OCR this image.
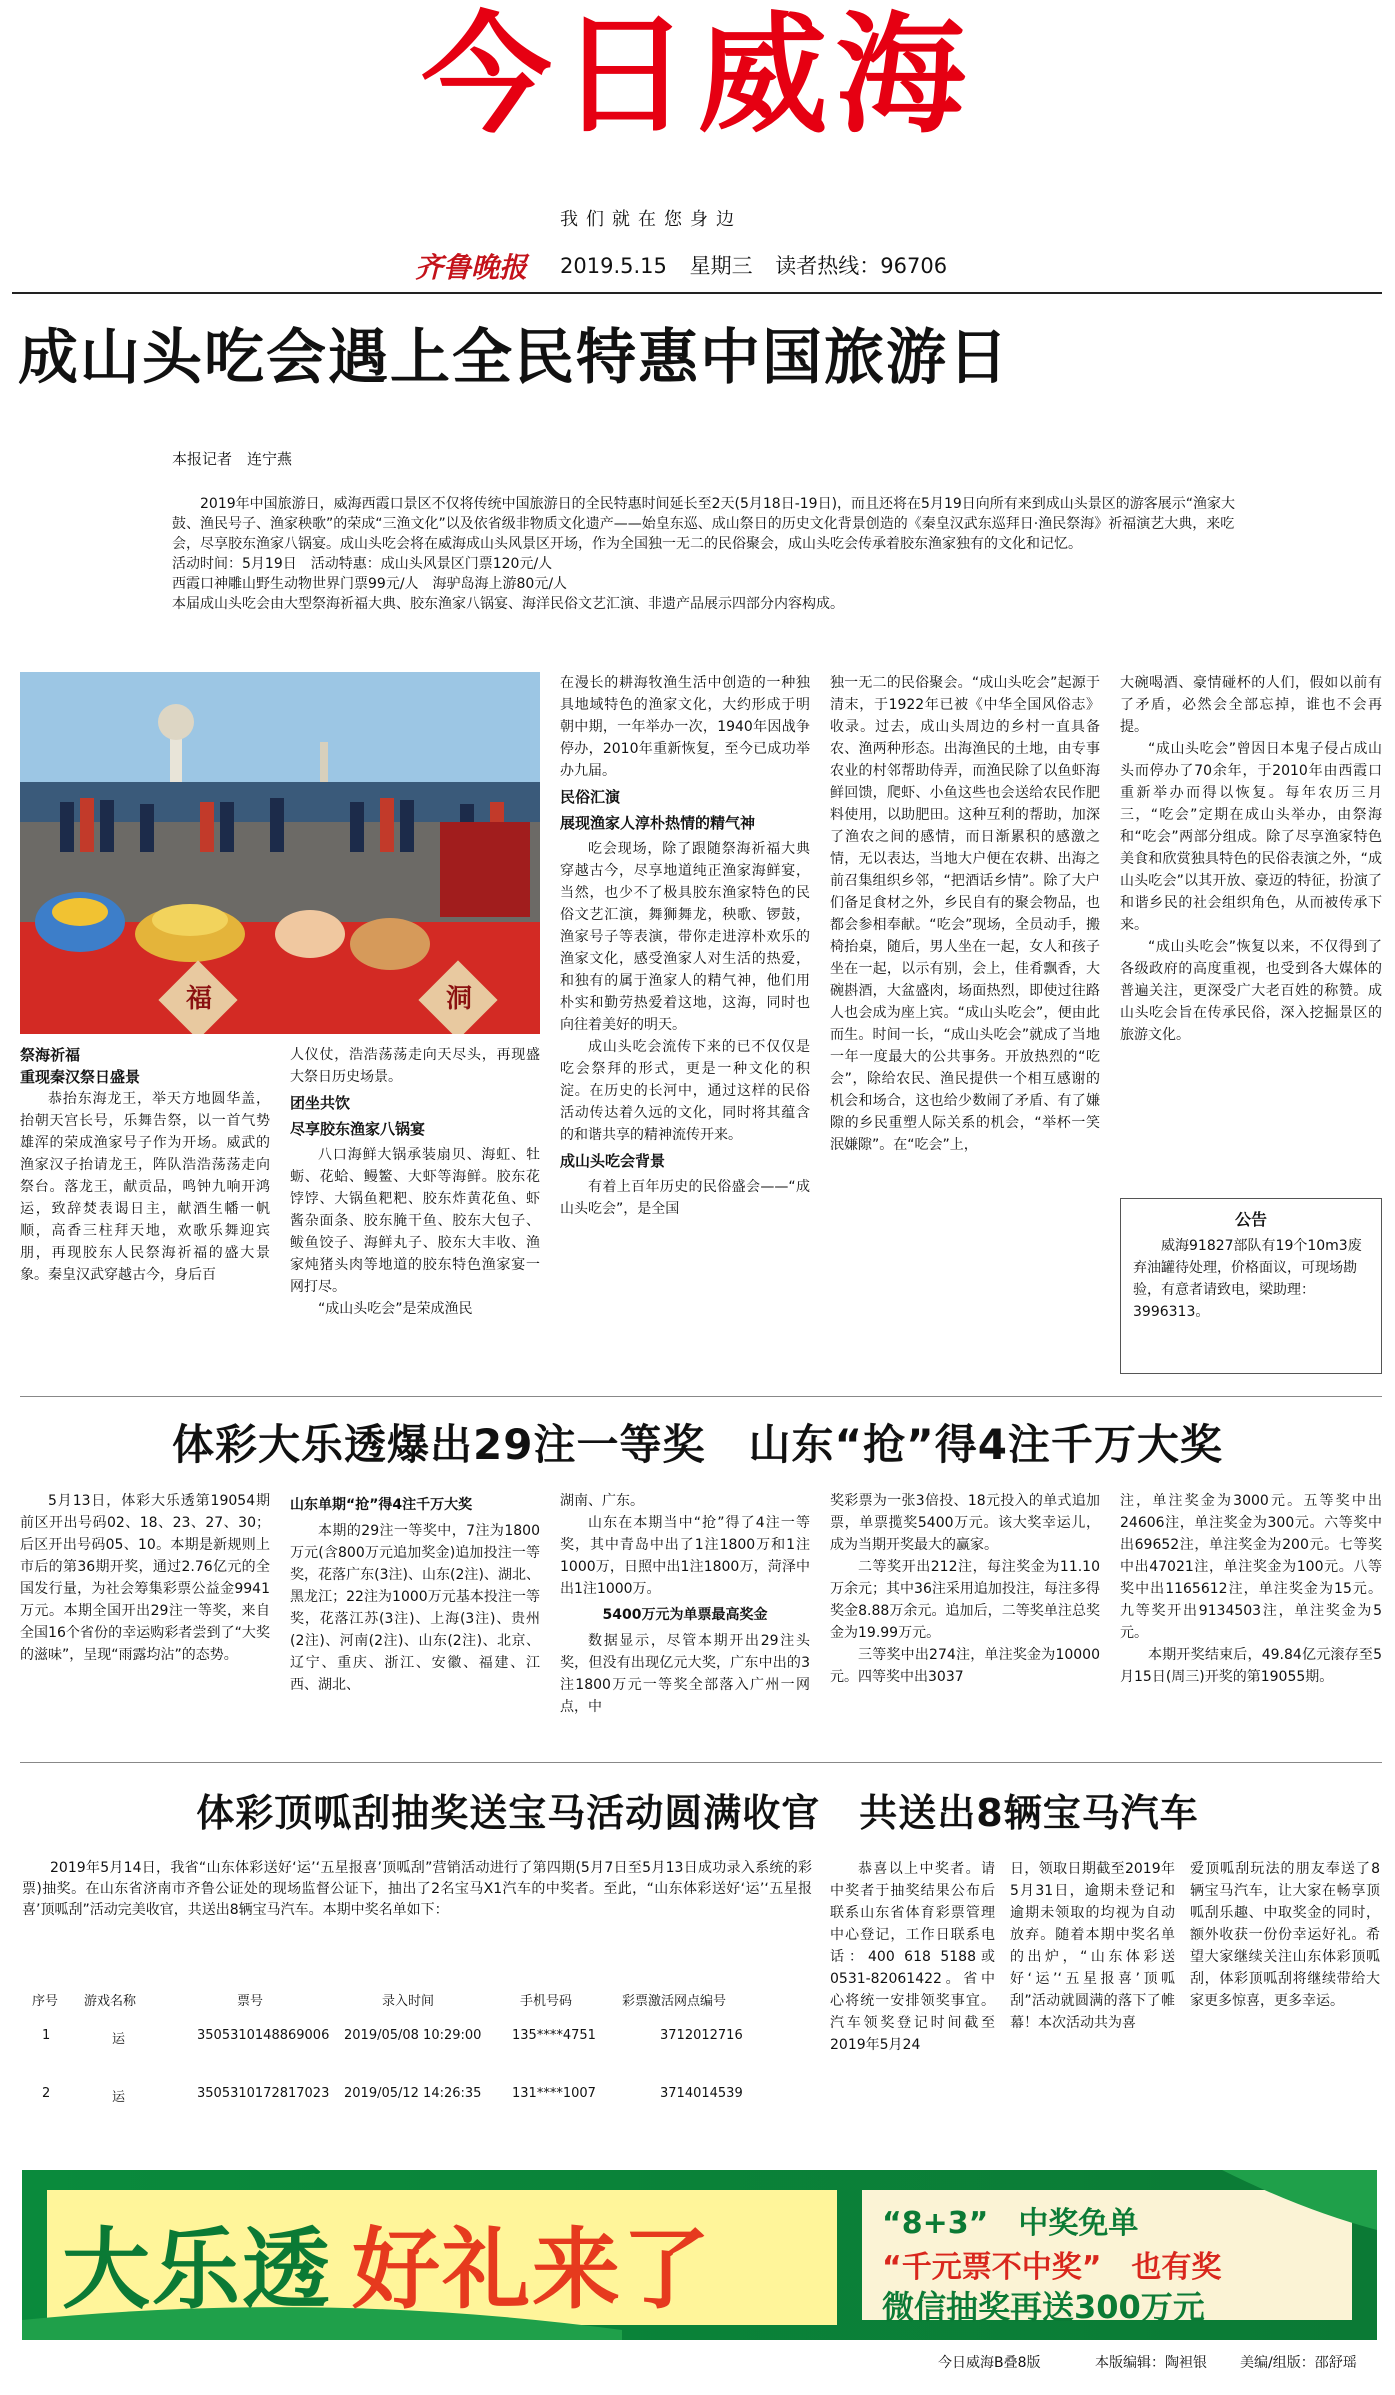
今日威海
我们就在您身边
齐鲁晚报 2019.5.15 星期三 读者热线：96706
成山头吃会遇上全民特惠中国旅游日
本报记者　连宁燕

2019年中国旅游日，威海西霞口景区不仅将传统中国旅游日的全民特惠时间延长至2天(5月18日-19日)，而且还将在5月19日向所有来到成山头景区的游客展示“渔家大鼓、渔民号子、渔家秧歌”的荣成“三渔文化”以及依省级非物质文化遗产——始皇东巡、成山祭日的历史文化背景创造的《秦皇汉武东巡拜日·渔民祭海》祈福演艺大典，来吃会，尽享胶东渔家八锅宴。成山头吃会将在威海成山头风景区开场，作为全国独一无二的民俗聚会，成山头吃会传承着胶东渔家独有的文化和记忆。

活动时间：5月19日　活动特惠：成山头风景区门票120元/人

西霞口神雕山野生动物世界门票99元/人　海驴岛海上游80元/人

本届成山头吃会由大型祭海祈福大典、胶东渔家八锅宴、海洋民俗文艺汇演、非遗产品展示四部分内容构成。

福	洞
祭海祈福
重现秦汉祭日盛景

恭抬东海龙王，举天方地圆华盖，抬朝天宫长号，乐舞告祭，以一首气势雄浑的荣成渔家号子作为开场。威武的渔家汉子抬请龙王，阵队浩浩荡荡走向祭台。落龙王，献贡品，鸣钟九响开鸿运，致辞焚表谒日主，献酒生幡一帆顺，高香三柱拜天地，欢歌乐舞迎宾朋，再现胶东人民祭海祈福的盛大景象。秦皇汉武穿越古今，身后百

人仪仗，浩浩荡荡走向天尽头，再现盛大祭日历史场景。

团坐共饮
尽享胶东渔家八锅宴

八口海鲜大锅承装扇贝、海虹、牡蛎、花蛤、鳗鳘、大虾等海鲜。胶东花饽饽、大锅鱼粑粑、胶东炸黄花鱼、虾酱杂面条、胶东腌干鱼、胶东大包子、鲅鱼饺子、海鲜丸子、胶东大丰收、渔家炖猪头肉等地道的胶东特色渔家宴一网打尽。

“成山头吃会”是荣成渔民

在漫长的耕海牧渔生活中创造的一种独具地域特色的渔家文化，大约形成于明朝中期，一年举办一次，1940年因战争停办，2010年重新恢复，至今已成功举办九届。

民俗汇演
展现渔家人淳朴热情的精气神

吃会现场，除了跟随祭海祈福大典穿越古今，尽享地道纯正渔家海鲜宴，当然，也少不了极具胶东渔家特色的民俗文艺汇演，舞狮舞龙，秧歌、锣鼓，渔家号子等表演，带你走进淳朴欢乐的渔家文化，感受渔家人对生活的热爱，和独有的属于渔家人的精气神，他们用朴实和勤劳热爱着这地，这海，同时也向往着美好的明天。

成山头吃会流传下来的已不仅仅是吃会祭拜的形式，更是一种文化的积淀。在历史的长河中，通过这样的民俗活动传达着久远的文化，同时将其蕴含的和谐共享的精神流传开来。

成山头吃会背景

有着上百年历史的民俗盛会——“成山头吃会”，是全国

独一无二的民俗聚会。“成山头吃会”起源于清末，于1922年已被《中华全国风俗志》收录。过去，成山头周边的乡村一直具备农、渔两种形态。出海渔民的土地，由专事农业的村邻帮助侍弄，而渔民除了以鱼虾海鲜回馈，爬虾、小鱼这些也会送给农民作肥料使用，以助肥田。这种互利的帮助，加深了渔农之间的感情，而日渐累积的感激之情，无以表达，当地大户便在农耕、出海之前召集组织乡邻，“把酒话乡情”。除了大户们备足食材之外，乡民自有的聚会物品，也都会参相奉献。“吃会”现场，全员动手，搬椅抬桌，随后，男人坐在一起，女人和孩子坐在一起，以示有别，会上，佳肴飘香，大碗斟酒，大盆盛肉，场面热烈，即使过往路人也会成为座上宾。“成山头吃会”，便由此而生。时间一长，“成山头吃会”就成了当地一年一度最大的公共事务。开放热烈的“吃会”，除给农民、渔民提供一个相互感谢的机会和场合，这也给少数闹了矛盾、有了嫌隙的乡民重塑人际关系的机会，“举杯一笑泯嫌隙”。在“吃会”上，

大碗喝酒、豪情碰杯的人们，假如以前有了矛盾，必然会全部忘掉，谁也不会再提。

“成山头吃会”曾因日本鬼子侵占成山头而停办了70余年，于2010年由西霞口重新举办而得以恢复。每年农历三月三，“吃会”定期在成山头举办，由祭海和“吃会”两部分组成。除了尽享渔家特色美食和欣赏独具特色的民俗表演之外，“成山头吃会”以其开放、豪迈的特征，扮演了和谐乡民的社会组织角色，从而被传承下来。

“成山头吃会”恢复以来，不仅得到了各级政府的高度重视，也受到各大媒体的普遍关注，更深受广大老百姓的称赞。成山头吃会旨在传承民俗，深入挖掘景区的旅游文化。

公告
威海91827部队有19个10m3废弃油罐待处理，价格面议，可现场勘验，有意者请致电，梁助理：3996313。
体彩大乐透爆出29注一等奖　山东“抢”得4注千万大奖

5月13日，体彩大乐透第19054期前区开出号码02、18、23、27、30；后区开出号码05、10。本期是新规则上市后的第36期开奖，通过2.76亿元的全国发行量，为社会筹集彩票公益金9941万元。本期全国开出29注一等奖，来自全国16个省份的幸运购彩者尝到了“大奖的滋味”，呈现“雨露均沾”的态势。

山东单期“抢”得4注千万大奖

本期的29注一等奖中，7注为1800万元(含800万元追加奖金)追加投注一等奖，花落广东(3注)、山东(2注)、湖北、黑龙江；22注为1000万元基本投注一等奖，花落江苏(3注)、上海(3注)、贵州(2注)、河南(2注)、山东(2注)、北京、辽宁、重庆、浙江、安徽、福建、江西、湖北、

湖南、广东。

山东在本期当中“抢”得了4注一等奖，其中青岛中出了1注1800万和1注1000万，日照中出1注1800万，菏泽中出1注1000万。

5400万元为单票最高奖金

数据显示，尽管本期开出29注头奖，但没有出现亿元大奖，广东中出的3注1800万元一等奖全部落入广州一网点，中

奖彩票为一张3倍投、18元投入的单式追加票，单票揽奖5400万元。该大奖幸运儿，成为当期开奖最大的赢家。

二等奖开出212注，每注奖金为11.10万余元；其中36注采用追加投注，每注多得奖金8.88万余元。追加后，二等奖单注总奖金为19.99万元。

三等奖中出274注，单注奖金为10000元。四等奖中出3037

注，单注奖金为3000元。五等奖中出24606注，单注奖金为300元。六等奖中出69652注，单注奖金为200元。七等奖中出47021注，单注奖金为100元。八等奖中出1165612注，单注奖金为15元。九等奖开出9134503注，单注奖金为5元。

本期开奖结束后，49.84亿元滚存至5月15日(周三)开奖的第19055期。

体彩顶呱刮抽奖送宝马活动圆满收官　共送出8辆宝马汽车

2019年5月14日，我省“山东体彩送好‘运’‘五星报喜’顶呱刮”营销活动进行了第四期(5月7日至5月13日成功录入系统的彩票)抽奖。在山东省济南市齐鲁公证处的现场监督公证下，抽出了2名宝马X1汽车的中奖者。至此，“山东体彩送好‘运’‘五星报喜’顶呱刮”活动完美收官，共送出8辆宝马汽车。本期中奖名单如下：

序号 游戏名称	票号	录入时间	手机号码	彩票激活网点编号
1	运	3505310148869006 2019/05/08 10:29:00 135****4751	3712012716
2	运	3505310172817023 2019/05/12 14:26:35 131****1007	3714014539

恭喜以上中奖者。请中奖者于抽奖结果公布后联系山东省体育彩票管理中心登记，工作日联系电话：400 618 5188或0531-82061422。省中心将统一安排领奖事宜。汽车领奖登记时间截至2019年5月24

日，领取日期截至2019年5月31日，逾期未登记和逾期未领取的均视为自动放弃。随着本期中奖名单的出炉，“山东体彩送好‘运’‘五星报喜’顶呱刮”活动就圆满的落下了帷幕！本次活动共为喜

爱顶呱刮玩法的朋友奉送了8辆宝马汽车，让大家在畅享顶呱刮乐趣、中取奖金的同时，额外收获一份份幸运好礼。希望大家继续关注山东体彩顶呱刮，体彩顶呱刮将继续带给大家更多惊喜，更多幸运。

大乐透 好礼来了	“8+3”　中奖免单
“千元票不中奖”　也有奖
微信抽奖再送300万元
今日威海B叠8版	本版编辑：陶袒银 美编/组版：邵舒瑶
